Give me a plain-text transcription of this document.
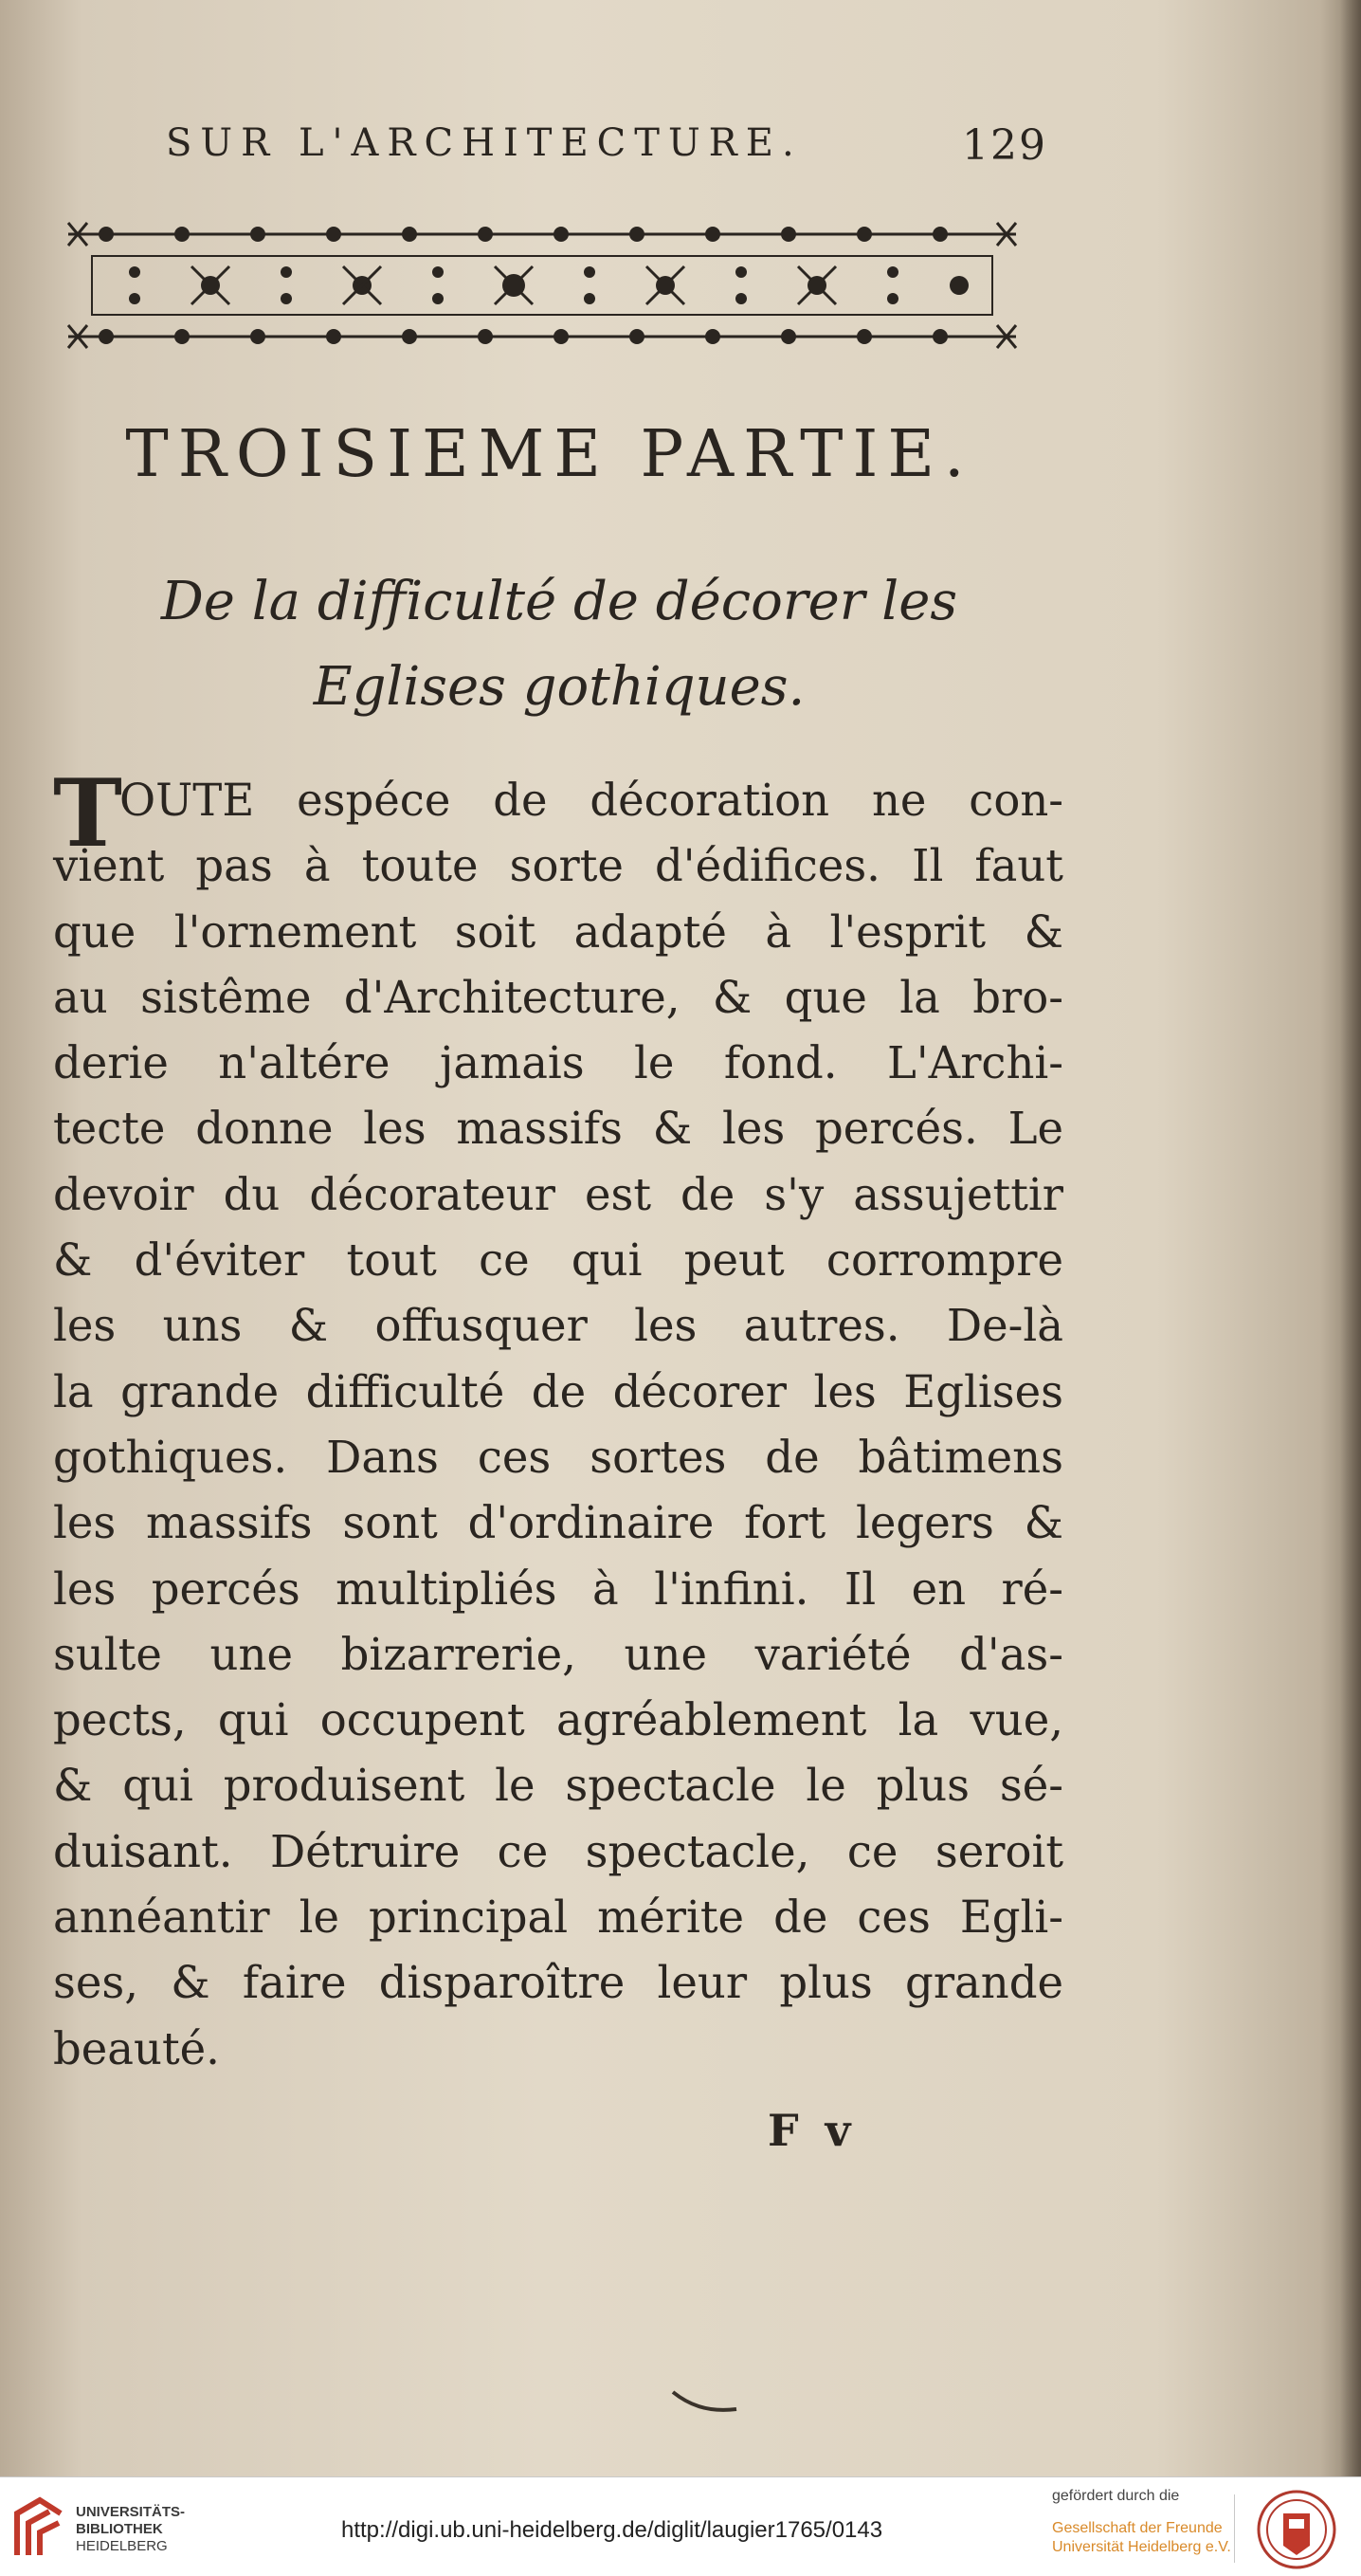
SUR L'ARCHITECTURE.	129
TROISIEME PARTIE.
De la difficulté de décorer les
Eglises gothiques.
T
OUTE espéce de décoration ne con-
vient pas à toute sorte d'édifices. Il faut
que l'ornement soit adapté à l'esprit &
au sistême d'Architecture, & que la bro-
derie n'altére jamais le fond. L'Archi-
tecte donne les massifs & les percés. Le
devoir du décorateur est de s'y assujettir
& d'éviter tout ce qui peut corrompre
les uns & offusquer les autres. De-là
la grande difficulté de décorer les Eglises
gothiques. Dans ces sortes de bâtimens
les massifs sont d'ordinaire fort legers &
les percés multipliés à l'infini. Il en ré-
sulte une bizarrerie, une variété d'as-
pects, qui occupent agréablement la vue,
& qui produisent le spectacle le plus sé-
duisant. Détruire ce spectacle, ce seroit
annéantir le principal mérite de ces Egli-
ses, & faire disparoître leur plus grande
beauté.
F v
UNIVERSITÄTS-
BIBLIOTHEK
HEIDELBERG
http://digi.ub.uni-heidelberg.de/diglit/laugier1765/0143
gefördert durch die
Gesellschaft der Freunde
Universität Heidelberg e.V.
